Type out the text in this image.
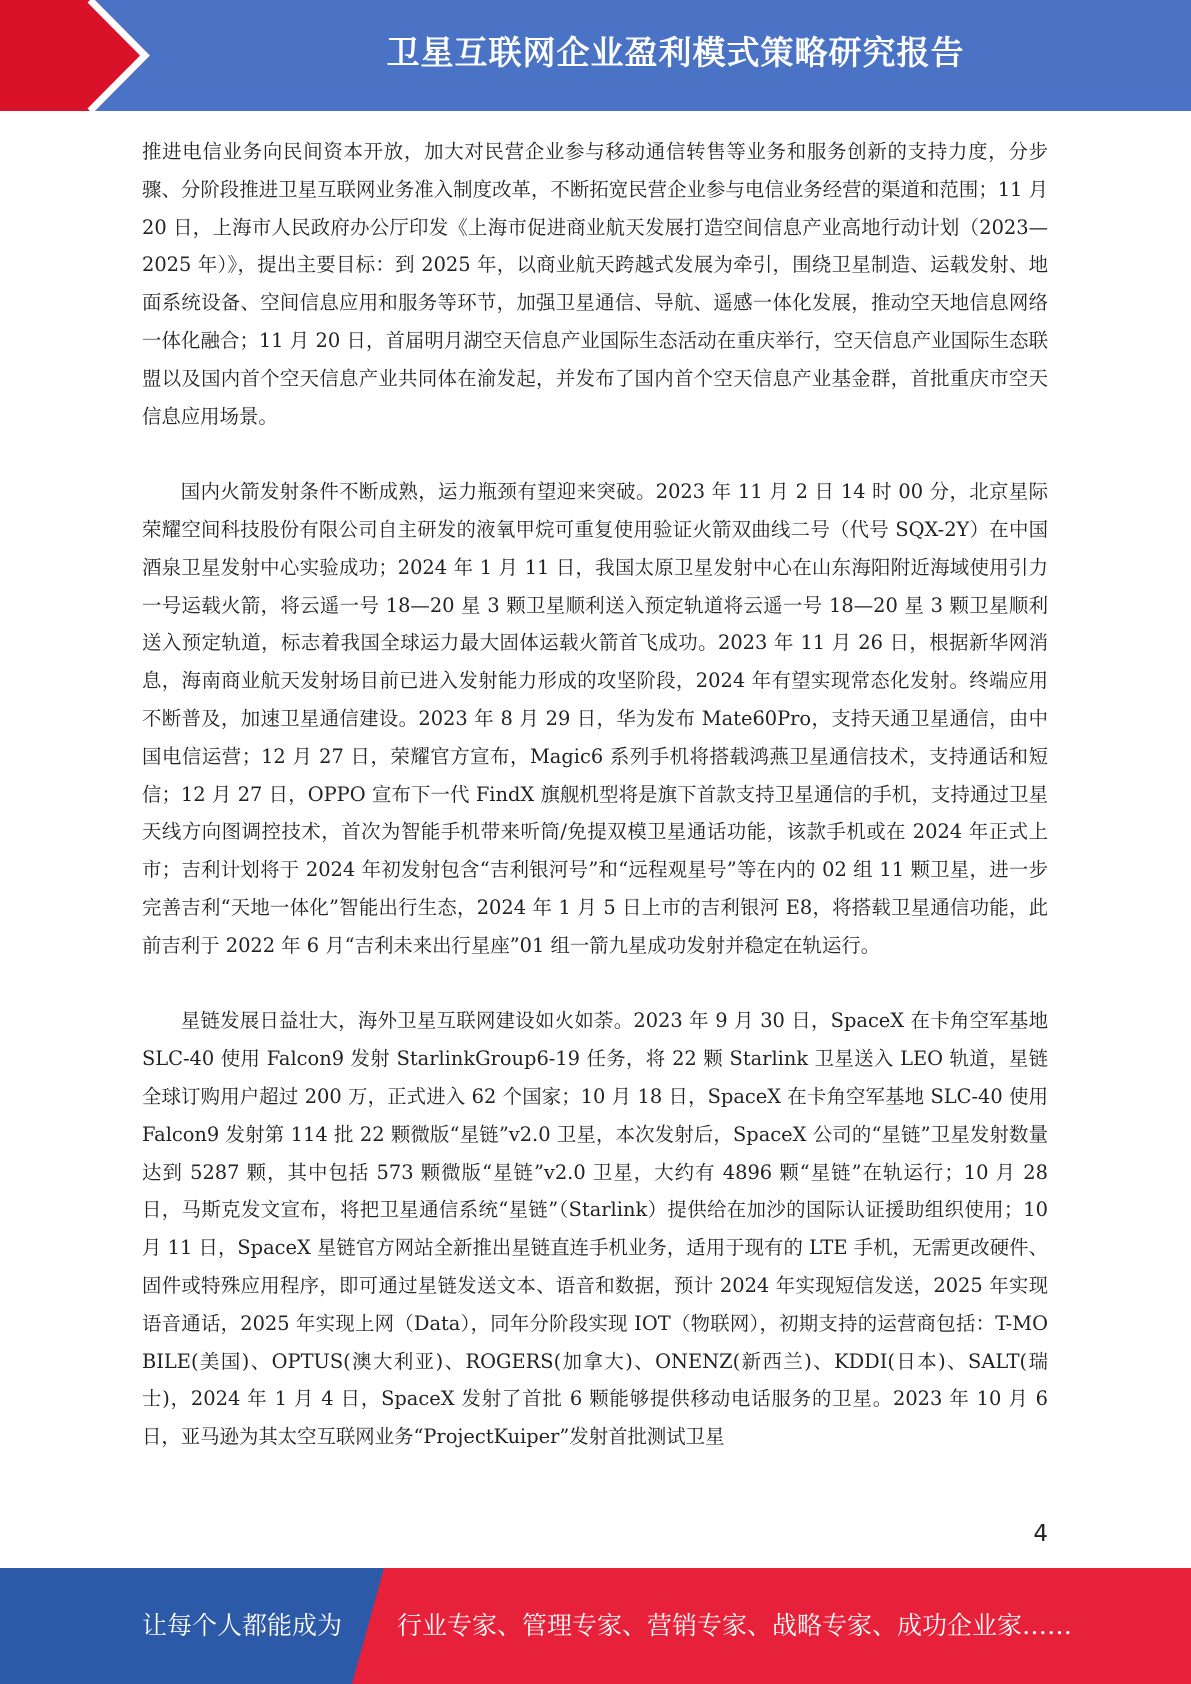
卫星互联网企业盈利模式策略研究报告

推进电信业务向民间资本开放，加大对民营企业参与移动通信转售等业务和服务创新的支持力度，分步骤、分阶段推进卫星互联网业务准入制度改革，不断拓宽民营企业参与电信业务经营的渠道和范围；11 月 20 日，上海市人民政府办公厅印发《上海市促进商业航天发展打造空间信息产业高地行动计划（2023—2025 年）》，提出主要目标：到 2025 年，以商业航天跨越式发展为牵引，围绕卫星制造、运载发射、地面系统设备、空间信息应用和服务等环节，加强卫星通信、导航、遥感一体化发展，推动空天地信息网络一体化融合；11 月 20 日，首届明月湖空天信息产业国际生态活动在重庆举行，空天信息产业国际生态联盟以及国内首个空天信息产业共同体在渝发起，并发布了国内首个空天信息产业基金群，首批重庆市空天信息应用场景。

国内火箭发射条件不断成熟，运力瓶颈有望迎来突破。2023 年 11 月 2 日 14 时 00 分，北京星际荣耀空间科技股份有限公司自主研发的液氧甲烷可重复使用验证火箭双曲线二号（代号 SQX-2Y）在中国酒泉卫星发射中心实验成功；2024 年 1 月 11 日，我国太原卫星发射中心在山东海阳附近海域使用引力一号运载火箭，将云遥一号 18—20 星 3 颗卫星顺利送入预定轨道将云遥一号 18—20 星 3 颗卫星顺利送入预定轨道，标志着我国全球运力最大固体运载火箭首飞成功。2023 年 11 月 26 日，根据新华网消息，海南商业航天发射场目前已进入发射能力形成的攻坚阶段，2024 年有望实现常态化发射。终端应用不断普及，加速卫星通信建设。2023 年 8 月 29 日，华为发布 Mate60Pro，支持天通卫星通信，由中国电信运营；12 月 27 日，荣耀官方宣布，Magic6 系列手机将搭载鸿燕卫星通信技术，支持通话和短信；12 月 27 日，OPPO 宣布下一代 FindX 旗舰机型将是旗下首款支持卫星通信的手机，支持通过卫星天线方向图调控技术，首次为智能手机带来听筒/免提双模卫星通话功能，该款手机或在 2024 年正式上市；吉利计划将于 2024 年初发射包含“吉利银河号”和“远程观星号”等在内的 02 组 11 颗卫星，进一步完善吉利“天地一体化”智能出行生态，2024 年 1 月 5 日上市的吉利银河 E8，将搭载卫星通信功能，此前吉利于 2022 年 6 月“吉利未来出行星座”01 组一箭九星成功发射并稳定在轨运行。

星链发展日益壮大，海外卫星互联网建设如火如荼。2023 年 9 月 30 日，SpaceX 在卡角空军基地 SLC-40 使用 Falcon9 发射 StarlinkGroup6-19 任务，将 22 颗 Starlink 卫星送入 LEO 轨道，星链全球订购用户超过 200 万，正式进入 62 个国家；10 月 18 日，SpaceX 在卡角空军基地 SLC-40 使用 Falcon9 发射第 114 批 22 颗微版“星链”v2.0 卫星，本次发射后，SpaceX 公司的“星链”卫星发射数量达到 5287 颗，其中包括 573 颗微版“星链”v2.0 卫星，大约有 4896 颗“星链”在轨运行；10 月 28 日，马斯克发文宣布，将把卫星通信系统“星链”（Starlink）提供给在加沙的国际认证援助组织使用；10 月 11 日，SpaceX 星链官方网站全新推出星链直连手机业务，适用于现有的 LTE 手机，无需更改硬件、固件或特殊应用程序，即可通过星链发送文本、语音和数据，预计 2024 年实现短信发送，2025 年实现语音通话，2025 年实现上网（Data），同年分阶段实现 IOT（物联网），初期支持的运营商包括：T-MOBILE(美国)、OPTUS(澳大利亚)、ROGERS(加拿大)、ONENZ(新西兰)、KDDI(日本)、SALT(瑞士)，2024 年 1 月 4 日，SpaceX 发射了首批 6 颗能够提供移动电话服务的卫星。2023 年 10 月 6 日，亚马逊为其太空互联网业务“ProjectKuiper”发射首批测试卫星

4
让每个人都能成为 行业专家、管理专家、营销专家、战略专家、成功企业家……
